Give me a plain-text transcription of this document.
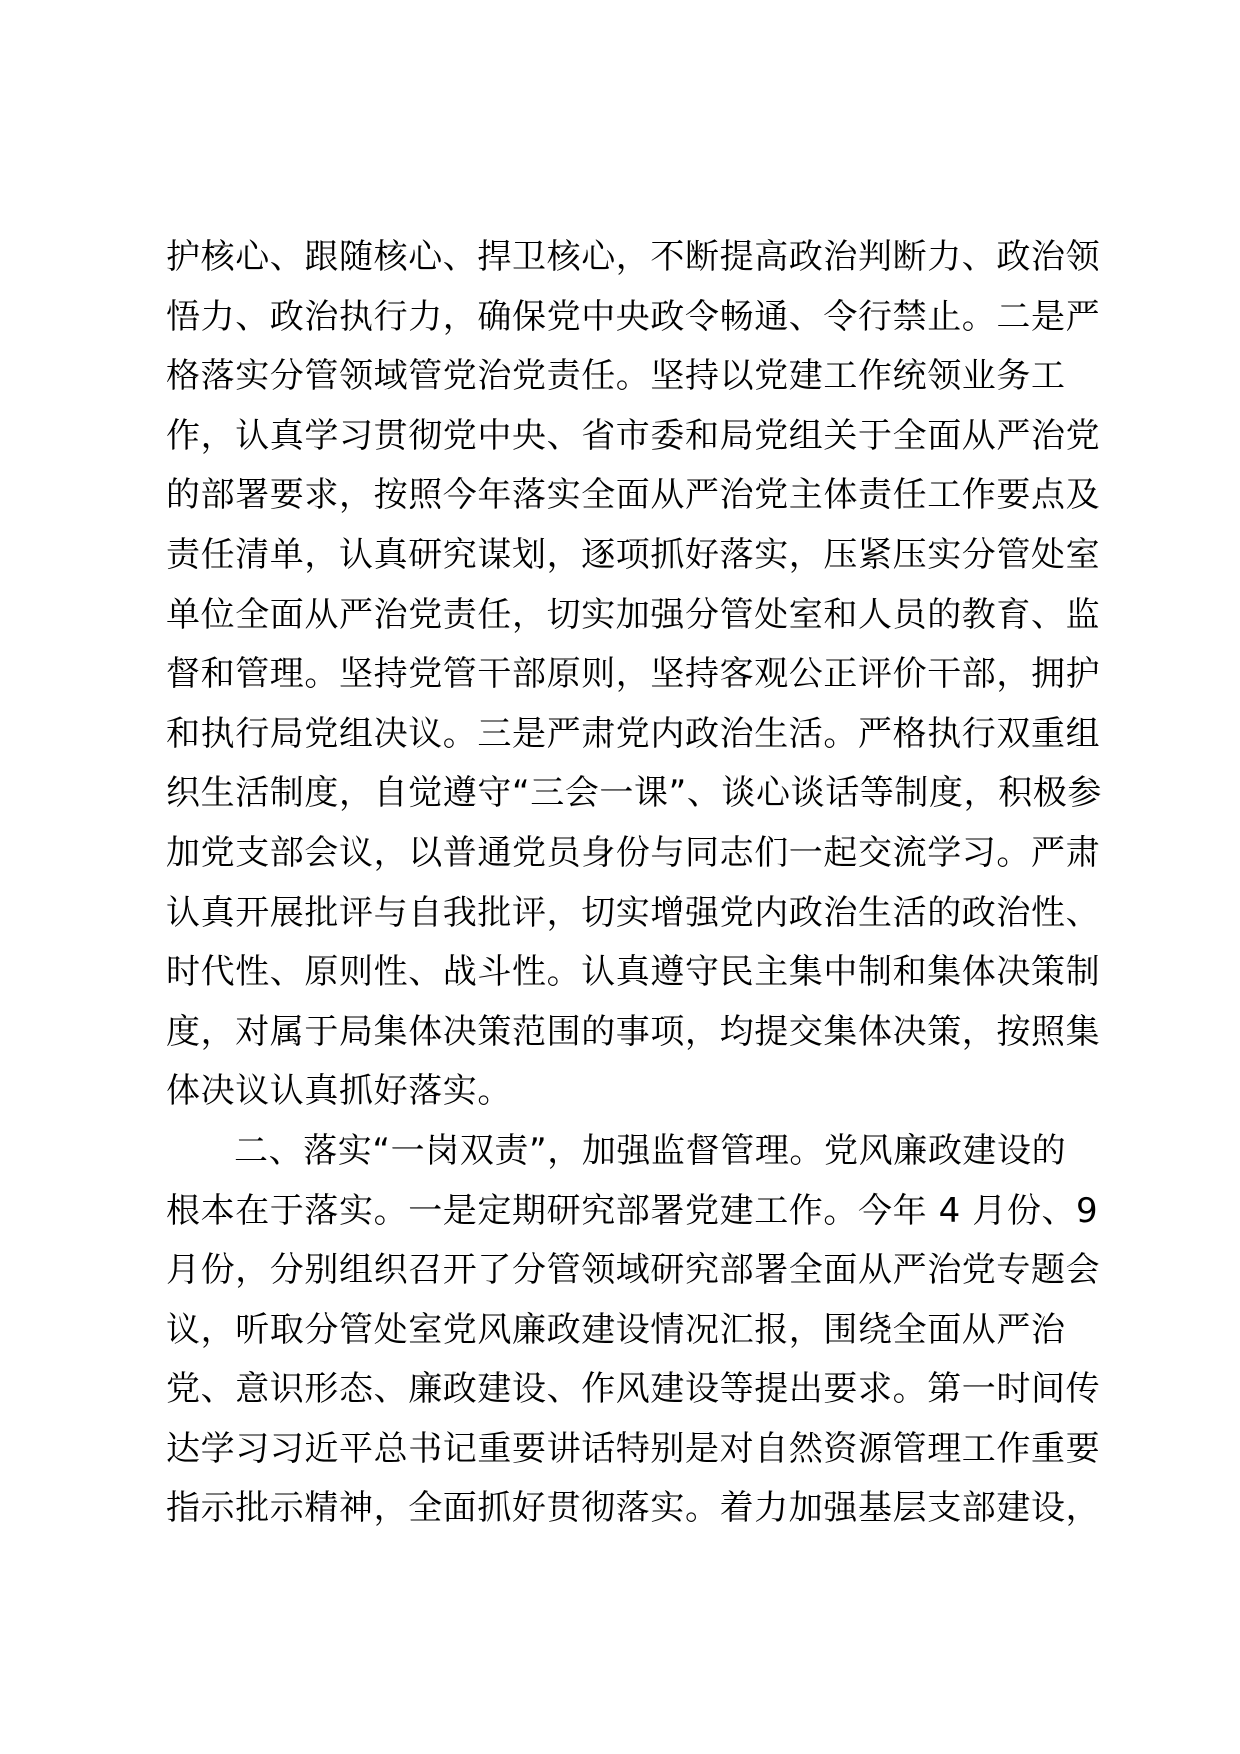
护核心、跟随核心、捍卫核心，不断提高政治判断力、政治领
悟力、政治执行力，确保党中央政令畅通、令行禁止。二是严
格落实分管领域管党治党责任。坚持以党建工作统领业务工
作，认真学习贯彻党中央、省市委和局党组关于全面从严治党
的部署要求，按照今年落实全面从严治党主体责任工作要点及
责任清单，认真研究谋划，逐项抓好落实，压紧压实分管处室
单位全面从严治党责任，切实加强分管处室和人员的教育、监
督和管理。坚持党管干部原则，坚持客观公正评价干部，拥护
和执行局党组决议。三是严肃党内政治生活。严格执行双重组
织生活制度，自觉遵守“三会一课”、谈心谈话等制度，积极参
加党支部会议，以普通党员身份与同志们一起交流学习。严肃
认真开展批评与自我批评，切实增强党内政治生活的政治性、
时代性、原则性、战斗性。认真遵守民主集中制和集体决策制
度，对属于局集体决策范围的事项，均提交集体决策，按照集
体决议认真抓好落实。
二、落实“一岗双责”，加强监督管理。党风廉政建设的
根本在于落实。一是定期研究部署党建工作。今年 4 月份、9
月份，分别组织召开了分管领域研究部署全面从严治党专题会
议，听取分管处室党风廉政建设情况汇报，围绕全面从严治
党、意识形态、廉政建设、作风建设等提出要求。第一时间传
达学习习近平总书记重要讲话特别是对自然资源管理工作重要
指示批示精神，全面抓好贯彻落实。着力加强基层支部建设，
